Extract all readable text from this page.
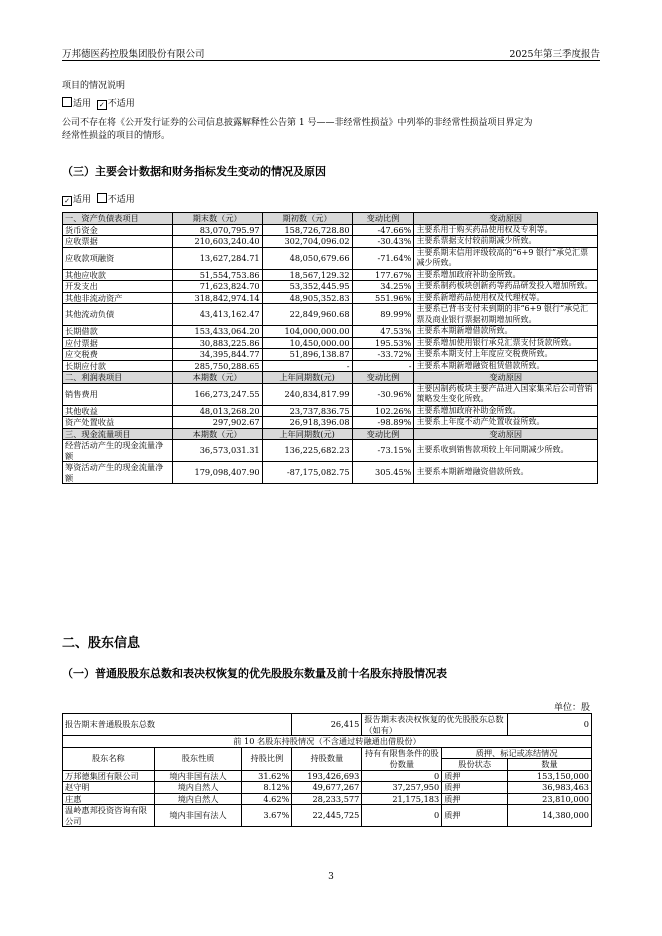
万邦德医药控股集团股份有限公司	2025年第三季度报告
项目的情况说明
适用 ✓ 不适用
公司不存在将《公开发行证券的公司信息披露解释性公告第 1 号——非经常性损益》中列举的非经常性损益项目界定为
经常性损益的项目的情形。
（三）主要会计数据和财务指标发生变动的情况及原因
✓ 适用 不适用
一、资产负债表项目	期末数（元）	期初数（元）	变动比例	变动原因
货币资金	83,070,795.97	158,726,728.80	-47.66%	主要系用于购买药品使用权及专利等。
应收票据	210,603,240.40	302,704,096.02	-30.43%	主要系票据支付较前期减少所致。
应收款项融资	13,627,284.71	48,050,679.66	-71.64%	主要系期末信用评级较高的“6+9 银行”承兑汇票减少所致。
其他应收款	51,554,753.86	18,567,129.32	177.67%	主要系增加政府补助金所致。
开发支出	71,623,824.70	53,352,445.95	34.25%	主要系制药板块创新药等药品研发投入增加所致。
其他非流动资产	318,842,974.14	48,905,352.83	551.96%	主要系新增药品使用权及代理权等。
其他流动负债	43,413,162.47	22,849,960.68	89.99%	主要系已背书支付未到期的非“6+9 银行”承兑汇票及商业银行票据初期增加所致。
长期借款	153,433,064.20	104,000,000.00	47.53%	主要系本期新增借款所致。
应付票据	30,883,225.86	10,450,000.00	195.53%	主要系增加使用银行承兑汇票支付货款所致。
应交税费	34,395,844.77	51,896,138.87	-33.72%	主要系本期支付上年度应交税费所致。
长期应付款	285,750,288.65	-	-	主要系本期新增融资租赁借款所致。
二、利润表项目	本期数（元）	上年同期数(元)	变动比例	变动原因
销售费用	166,273,247.55	240,834,817.99	-30.96%	主要因制药板块主要产品进入国家集采后公司营销策略发生变化所致。
其他收益	48,013,268.20	23,737,836.75	102.26%	主要系增加政府补助金所致。
资产处置收益	297,902.67	26,918,396.08	-98.89%	主要系上年度不动产处置收益所致。
三、现金流量项目	本期数（元）	上年同期数(元)	变动比例	变动原因
经营活动产生的现金流量净额	36,573,031.31	136,225,682.23	-73.15%	主要系收到销售款项较上年同期减少所致。
筹资活动产生的现金流量净额	179,098,407.90	-87,175,082.75	305.45%	主要系本期新增融资借款所致。
二、股东信息
（一）普通股股东总数和表决权恢复的优先股股东数量及前十名股东持股情况表
单位：股
报告期末普通股股东总数			26,415	报告期末表决权恢复的优先股股东总数（如有）		0
前 10 名股东持股情况（不含通过转融通出借股份）						
股东名称	股东性质	持股比例	持股数量	持有有限售条件的股份数量	质押、标记或冻结情况	
					股份状态	数量
万邦德集团有限公司	境内非国有法人	31.62%	193,426,693	0	质押	153,150,000
赵守明	境内自然人	8.12%	49,677,267	37,257,950	质押	36,983,463
庄惠	境内自然人	4.62%	28,233,577	21,175,183	质押	23,810,000
温岭惠邦投资咨询有限公司	境内非国有法人	3.67%	22,445,725	0	质押	14,380,000
3
